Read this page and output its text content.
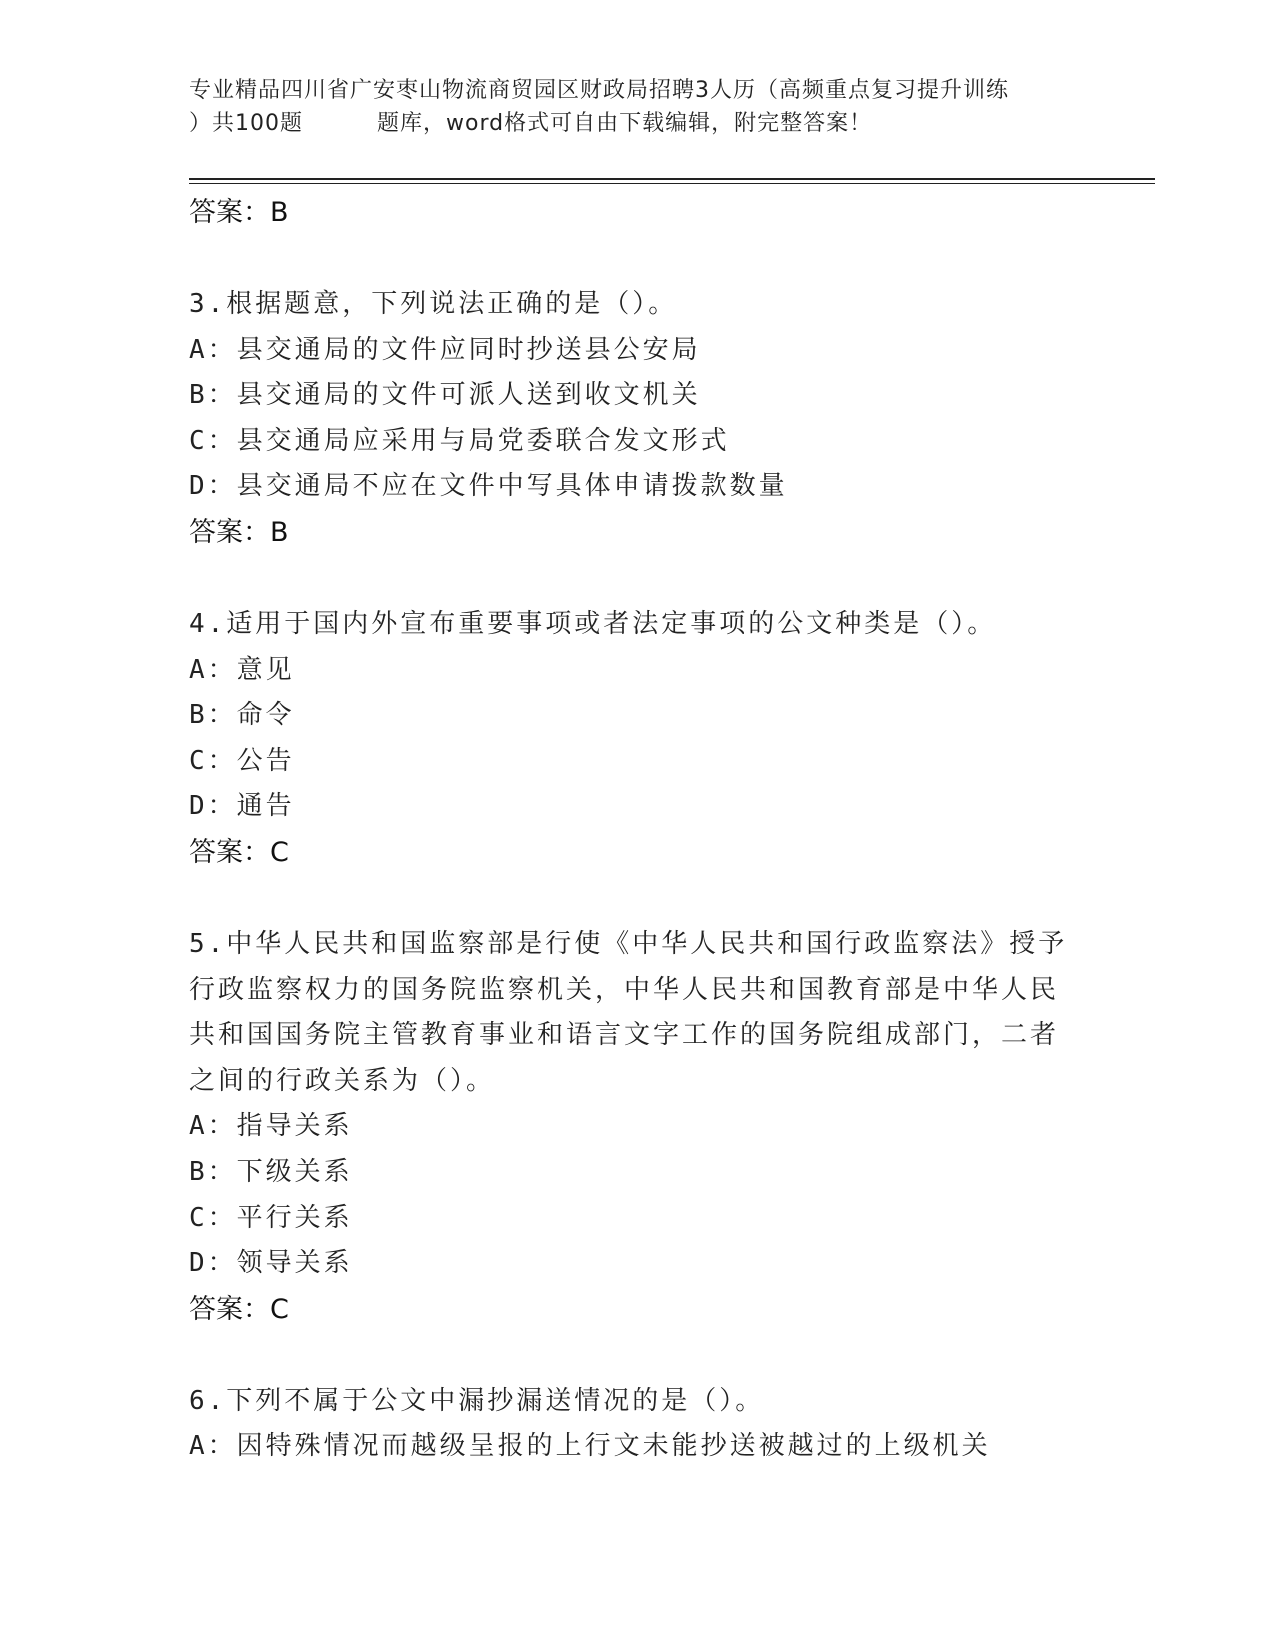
专业精品四川省广安枣山物流商贸园区财政局招聘3人历（高频重点复习提升训练
）共100题	题库，word格式可自由下载编辑，附完整答案！
答案：B
3.根据题意，下列说法正确的是（）。
A：县交通局的文件应同时抄送县公安局
B：县交通局的文件可派人送到收文机关
C：县交通局应采用与局党委联合发文形式
D：县交通局不应在文件中写具体申请拨款数量
答案：B
4.适用于国内外宣布重要事项或者法定事项的公文种类是（）。
A：意见
B：命令
C：公告
D：通告
答案：C
5.中华人民共和国监察部是行使《中华人民共和国行政监察法》授予
行政监察权力的国务院监察机关，中华人民共和国教育部是中华人民
共和国国务院主管教育事业和语言文字工作的国务院组成部门，二者
之间的行政关系为（）。
A：指导关系
B：下级关系
C：平行关系
D：领导关系
答案：C
6.下列不属于公文中漏抄漏送情况的是（）。
A：因特殊情况而越级呈报的上行文未能抄送被越过的上级机关
